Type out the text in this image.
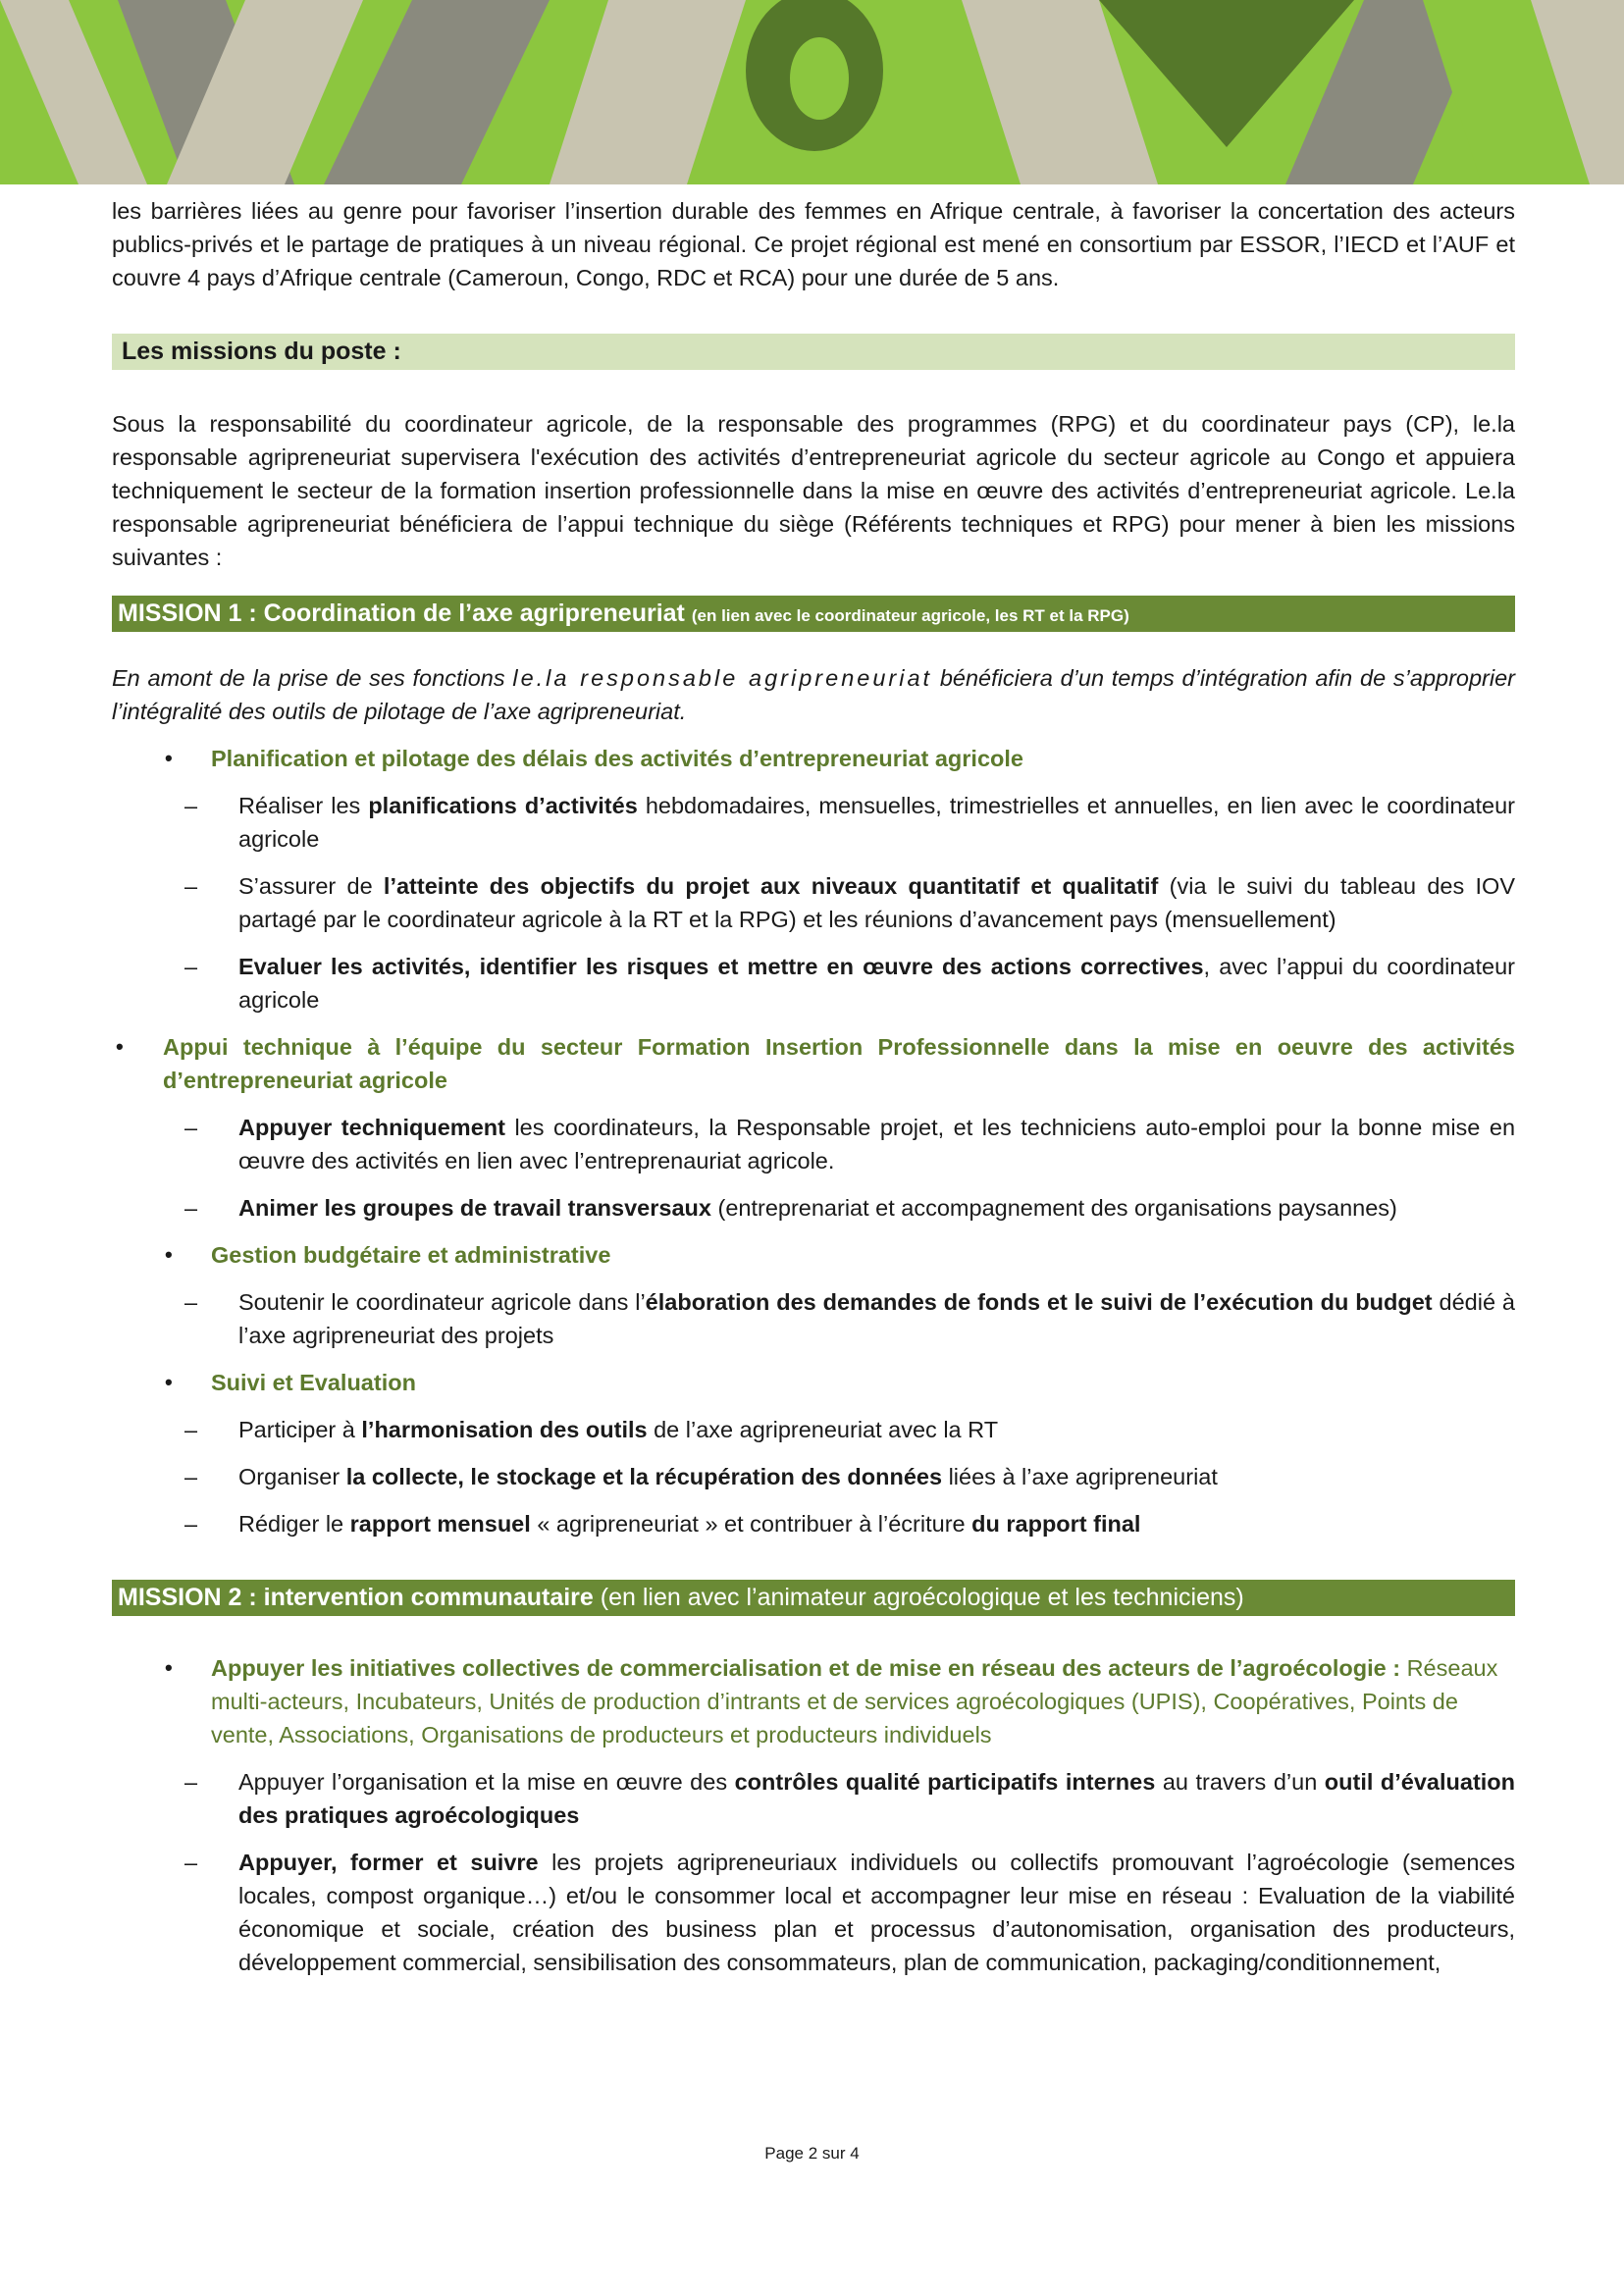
les barrières liées au genre pour favoriser l’insertion durable des femmes en Afrique centrale, à favoriser la concertation des acteurs publics-privés et le partage de pratiques à un niveau régional. Ce projet régional est mené en consortium par ESSOR, l’IECD et l’AUF et couvre 4 pays d’Afrique centrale (Cameroun, Congo, RDC et RCA) pour une durée de 5 ans.

Les missions du poste :

Sous la responsabilité du coordinateur agricole, de la responsable des programmes (RPG) et du coordinateur pays (CP), le.la responsable agripreneuriat supervisera l'exécution des activités d’entrepreneuriat agricole du secteur agricole au Congo et appuiera techniquement le secteur de la formation insertion professionnelle dans la mise en œuvre des activités d’entrepreneuriat agricole. Le.la responsable agripreneuriat bénéficiera de l’appui technique du siège (Référents techniques et RPG) pour mener à bien les missions suivantes :

MISSION 1 : Coordination de l’axe agripreneuriat (en lien avec le coordinateur agricole, les RT et la RPG)

En amont de la prise de ses fonctions le.la responsable agripreneuriat bénéficiera d’un temps d’intégration afin de s’approprier l’intégralité des outils de pilotage de l’axe agripreneuriat.

• Planification et pilotage des délais des activités d’entrepreneuriat agricole
– Réaliser les planifications d’activités hebdomadaires, mensuelles, trimestrielles et annuelles, en lien avec le coordinateur agricole
– S’assurer de l’atteinte des objectifs du projet aux niveaux quantitatif et qualitatif (via le suivi du tableau des IOV partagé par le coordinateur agricole à la RT et la RPG) et les réunions d’avancement pays (mensuellement)
– Evaluer les activités, identifier les risques et mettre en œuvre des actions correctives, avec l’appui du coordinateur agricole
• Appui technique à l’équipe du secteur Formation Insertion Professionnelle dans la mise en oeuvre des activités d’entrepreneuriat agricole
– Appuyer techniquement les coordinateurs, la Responsable projet, et les techniciens auto-emploi pour la bonne mise en œuvre des activités en lien avec l’entreprenauriat agricole.
– Animer les groupes de travail transversaux (entreprenariat et accompagnement des organisations paysannes)
• Gestion budgétaire et administrative
– Soutenir le coordinateur agricole dans l’élaboration des demandes de fonds et le suivi de l’exécution du budget dédié à l’axe agripreneuriat des projets
• Suivi et Evaluation
– Participer à l’harmonisation des outils de l’axe agripreneuriat avec la RT
– Organiser la collecte, le stockage et la récupération des données liées à l’axe agripreneuriat
– Rédiger le rapport mensuel « agripreneuriat » et contribuer à l’écriture du rapport final
MISSION 2 : intervention communautaire (en lien avec l’animateur agroécologique et les techniciens)
• Appuyer les initiatives collectives de commercialisation et de mise en réseau des acteurs de l’agroécologie : Réseaux multi-acteurs, Incubateurs, Unités de production d’intrants et de services agroécologiques (UPIS), Coopératives, Points de vente, Associations, Organisations de producteurs et producteurs individuels
– Appuyer l’organisation et la mise en œuvre des contrôles qualité participatifs internes au travers d’un outil d’évaluation des pratiques agroécologiques
– Appuyer, former et suivre les projets agripreneuriaux individuels ou collectifs promouvant l’agroécologie (semences locales, compost organique…) et/ou le consommer local et accompagner leur mise en réseau : Evaluation de la viabilité économique et sociale, création des business plan et processus d’autonomisation, organisation des producteurs, développement commercial, sensibilisation des consommateurs, plan de communication, packaging/conditionnement,
Page 2 sur 4
